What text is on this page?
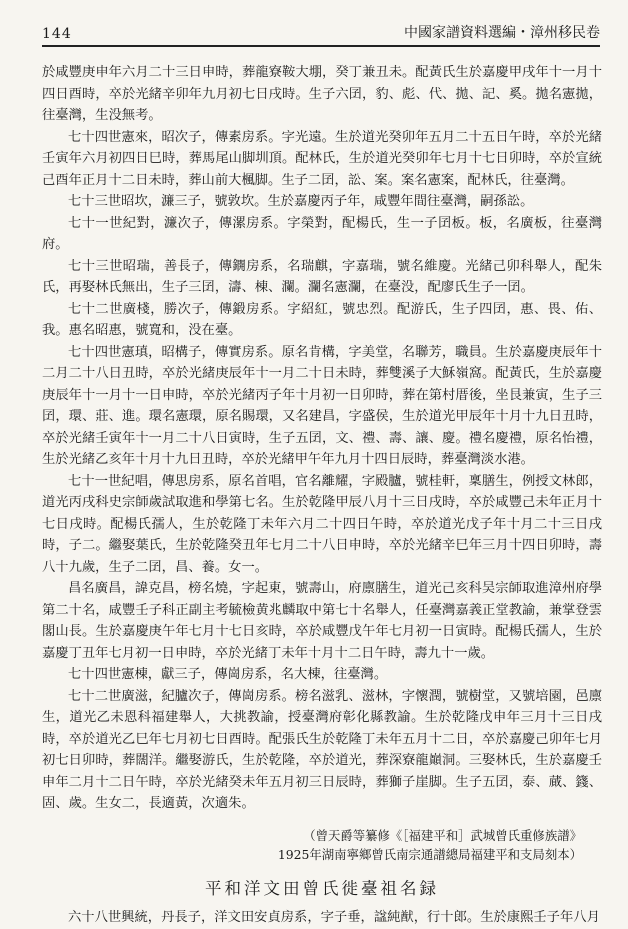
144	中國家譜資料選編・漳州移民卷

於咸豐庚申年六月二十三日申時，葬龍寮鞍大堋，癸丁兼丑未。配黃氏生於嘉慶甲戌年十一月十四日酉時，卒於光緒辛卯年九月初七日戌時。生子六囝，豹、彪、代、拋、記、奚。拋名憲拋，往臺灣，生没無考。

七十四世憲來，昭次子，傳素房系。字光遠。生於道光癸卯年五月二十五日午時，卒於光緒壬寅年六月初四日巳時，葬馬尾山脚圳頂。配林氏，生於道光癸卯年七月十七日卯時，卒於宣統己酉年正月十二日未時，葬山前大楓脚。生子二囝，訟、案。案名憲案，配林氏，往臺灣。

七十三世昭坎，濂三子，號敦坎。生於嘉慶丙子年，咸豐年間往臺灣，嗣孫訟。

七十一世紀對，濂次子，傳漯房系。字榮對，配楊氏，生一子囝板。板，名廣板，往臺灣府。

七十三世昭瑞，善長子，傳鐦房系，名瑞麒，字嘉瑞，號名維慶。光緒己卯科舉人，配朱氏，再娶林氏無出，生子三囝，濤、棟、瀾。瀾名憲瀾，在臺没，配廖氏生子一囝。

七十二世廣棧，勝次子，傳鍛房系。字紹紅，號忠烈。配游氏，生子四囝，惠、畏、佑、我。惠名昭惠，號寬和，没在臺。

七十四世憲瑱，昭構子，傳實房系。原名肯構，字美堂，名聯芳，職員。生於嘉慶庚辰年十二月二十八日丑時，卒於光緒庚辰年十一月二十日未時，葬雙溪子大穌嶺窩。配黃氏，生於嘉慶庚辰年十一月十一日申時，卒於光緒丙子年十月初一日卯時，葬在第村厝後，坐艮兼寅，生子三囝，環、莊、進。環名憲環，原名賜環，又名建昌，字盛侯，生於道光甲辰年十月十九日丑時，卒於光緒壬寅年十一月二十八日寅時，生子五囝，文、禮、壽、讓、慶。禮名慶禮，原名怡禮，生於光緒乙亥年十月十九日丑時，卒於光緒甲午年九月十四日辰時，葬臺灣淡水港。

七十一世紀唱，傳思房系，原名首唱，官名離耀，字殿臚，號桂軒，稟膳生，例授文林郎，道光丙戌科史宗師歲試取進和學第七名。生於乾隆甲辰八月十三日戌時，卒於咸豐己未年正月十七日戌時。配楊氏孺人，生於乾隆丁未年六月二十四日午時，卒於道光戊子年十月二十三日戌時，子二。繼娶葉氏，生於乾隆癸丑年七月二十八日申時，卒於光緒辛巳年三月十四日卯時，壽八十九歲，生子二囝，昌、養。女一。

昌名廣昌，諱克昌，榜名燒，字起東，號壽山，府廪膳生，道光己亥科吴宗師取進漳州府學第二十名，咸豐壬子科正副主考毓檢黄兆麟取中第七十名舉人，任臺灣嘉義正堂教諭，兼掌登雲閣山長。生於嘉慶庚午年七月十七日亥時，卒於咸豐戊午年七月初一日寅時。配楊氏孺人，生於嘉慶丁丑年七月初一日申時，卒於光緒丁未年十月十二日午時，壽九十一歲。

七十四世憲棟，獻三子，傳崗房系，名大棟，往臺灣。

七十二世廣滋，紀臚次子，傳崗房系。榜名滋乳、滋林，字懷潤，號樹堂，又號培園，邑廪生，道光乙未恩科福建舉人，大挑教諭，授臺灣府彰化縣教諭。生於乾隆戊申年三月十三日戌時，卒於道光乙巳年七月初七日酉時。配張氏生於乾隆丁未年五月十二日，卒於嘉慶己卯年七月初七日卯時，葬闊洋。繼娶游氏，生於乾隆，卒於道光，葬深寮龍巔洞。三娶林氏，生於嘉慶壬申年二月十二日午時，卒於光緒癸未年五月初三日辰時，葬獅子崖脚。生子五囝，泰、蕆、籛、固、歲。生女二，長適黃，次適朱。

（曾天爵等纂修《［福建平和］武城曾氏重修族譜》
1925年湖南寧鄉曾氏南宗通譜總局福建平和支局刻本）
平和洋文田曾氏徙臺祖名録

六十八世興統，丹長子，洋文田安貞房系，字子垂，諡純猷，行十郎。生於康熙壬子年八月
